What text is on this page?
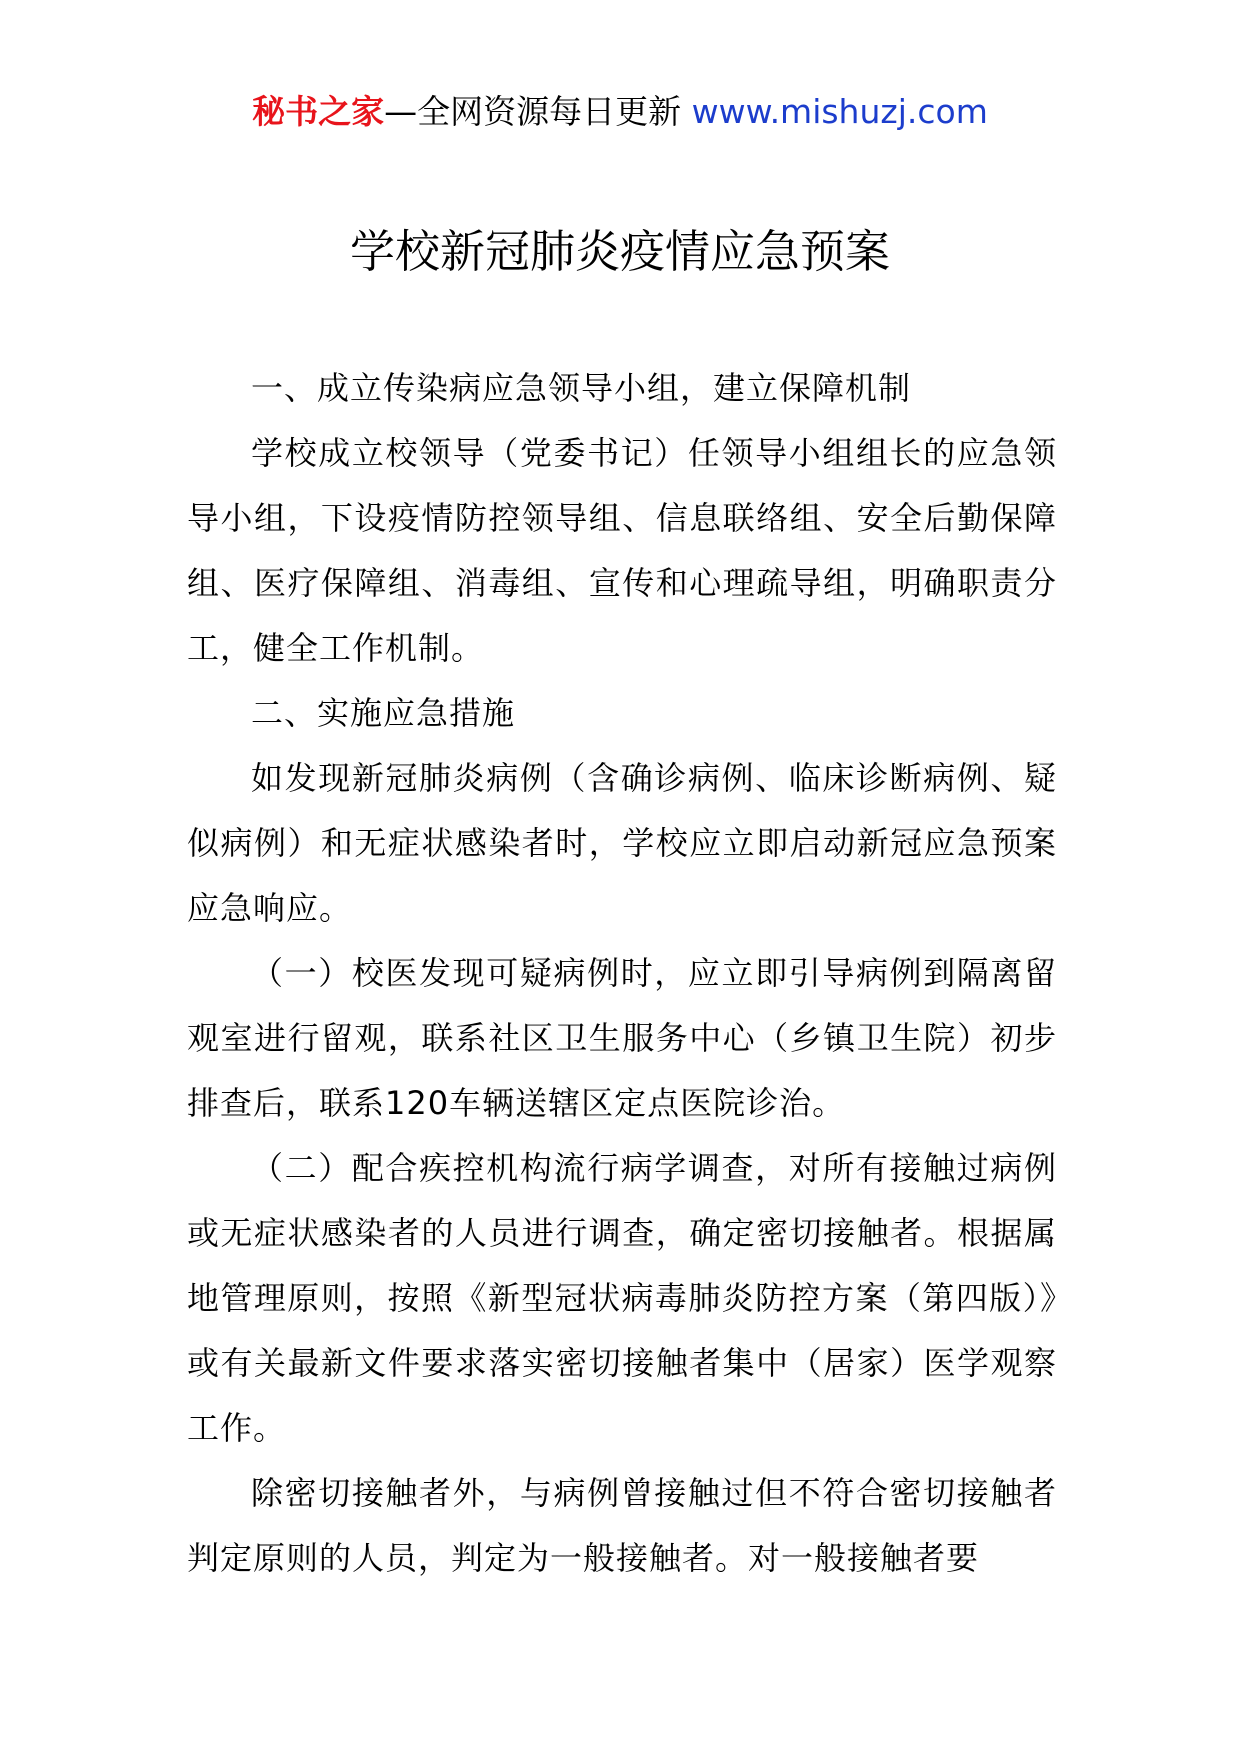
秘书之家—全网资源每日更新 www.mishuzj.com
学校新冠肺炎疫情应急预案

一、成立传染病应急领导小组，建立保障机制

学校成立校领导（党委书记）任领导小组组长的应急领导小组，下设疫情防控领导组、信息联络组、安全后勤保障组、医疗保障组、消毒组、宣传和心理疏导组，明确职责分工，健全工作机制。

二、实施应急措施

如发现新冠肺炎病例（含确诊病例、临床诊断病例、疑似病例）和无症状感染者时，学校应立即启动新冠应急预案应急响应。

（一）校医发现可疑病例时，应立即引导病例到隔离留观室进行留观，联系社区卫生服务中心（乡镇卫生院）初步排查后，联系120车辆送辖区定点医院诊治。

（二）配合疾控机构流行病学调查，对所有接触过病例或无症状感染者的人员进行调查，确定密切接触者。根据属地管理原则，按照《新型冠状病毒肺炎防控方案（第四版）》或有关最新文件要求落实密切接触者集中（居家）医学观察工作。

除密切接触者外，与病例曾接触过但不符合密切接触者判定原则的人员，判定为一般接触者。对一般接触者要
